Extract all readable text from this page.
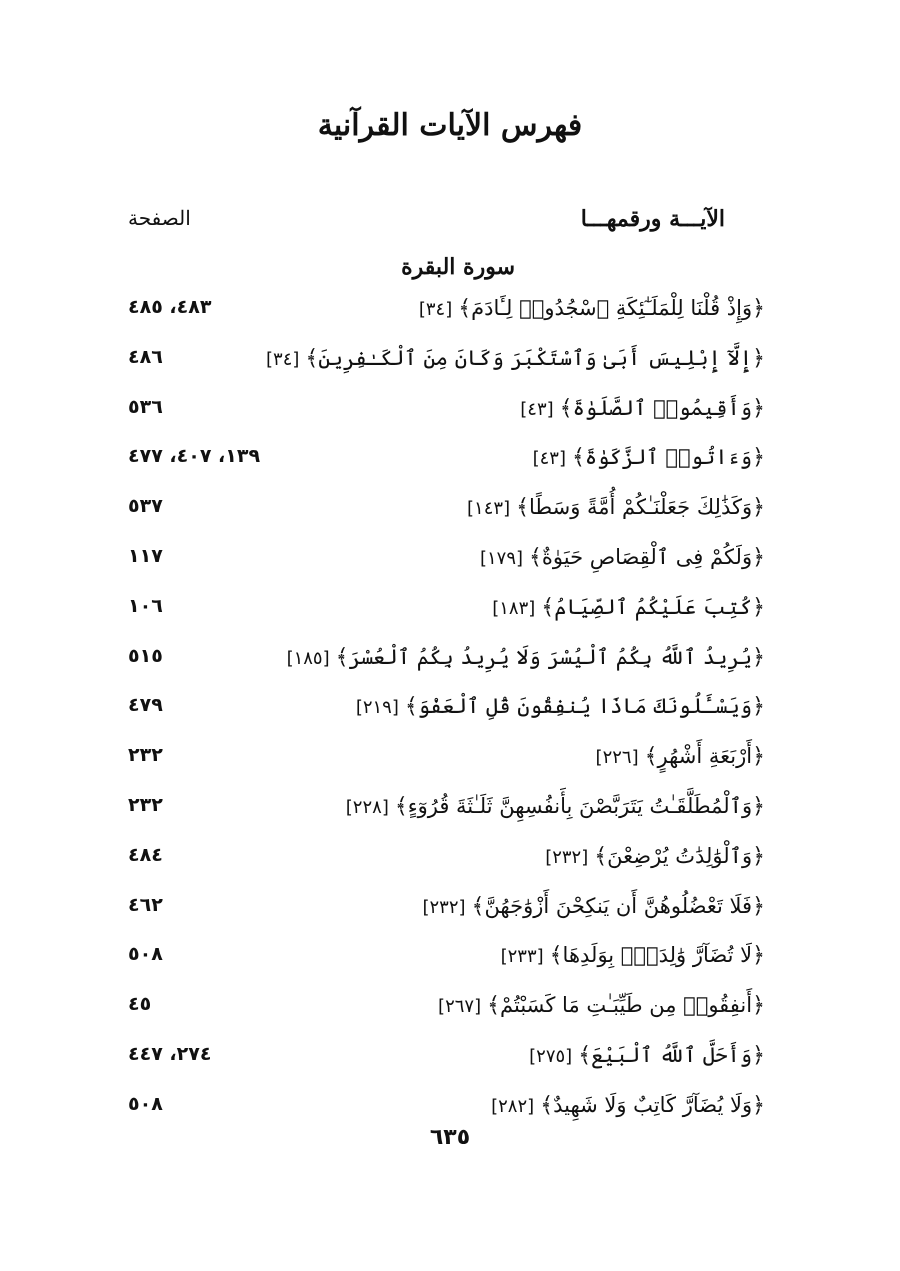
فهرس الآيات القرآنية
الآيـــة ورقمهـــا
الصفحة
سورة البقرة
﴿وَإِذْ قُلْنَا لِلْمَلَـٰٓئِكَةِ ٱسْجُدُوا۟ لِـَٔادَمَ﴾[٣٤]
٤٨٣، ٤٨٥
﴿إِلَّآ إِبْلِيسَ أَبَىٰ وَٱسْتَكْبَرَ وَكَانَ مِنَ ٱلْكَـٰفِرِينَ﴾[٣٤]
٤٨٦
﴿وَأَقِيمُوا۟ ٱلصَّلَوٰةَ﴾[٤٣]
٥٣٦
﴿وَءَاتُوا۟ ٱلزَّكَوٰةَ﴾[٤٣]
١٣٩، ٤٠٧، ٤٧٧
﴿وَكَذَٰلِكَ جَعَلْنَـٰكُمْ أُمَّةً وَسَطًا﴾[١٤٣]
٥٣٧
﴿وَلَكُمْ فِى ٱلْقِصَاصِ حَيَوٰةٌ﴾[١٧٩]
١١٧
﴿كُتِبَ عَلَيْكُمُ ٱلصِّيَامُ﴾[١٨٣]
١٠٦
﴿يُرِيدُ ٱللَّهُ بِكُمُ ٱلْيُسْرَ وَلَا يُرِيدُ بِكُمُ ٱلْعُسْرَ﴾[١٨٥]
٥١٥
﴿وَيَسْـَٔلُونَكَ مَاذَا يُنفِقُونَ قُلِ ٱلْعَفْوَ﴾[٢١٩]
٤٧٩
﴿أَرْبَعَةِ أَشْهُرٍ﴾[٢٢٦]
٢٣٢
﴿وَٱلْمُطَلَّقَـٰتُ يَتَرَبَّصْنَ بِأَنفُسِهِنَّ ثَلَـٰثَةَ قُرُوٓءٍ﴾[٢٢٨]
٢٣٢
﴿وَٱلْوَٰلِدَٰتُ يُرْضِعْنَ﴾[٢٣٢]
٤٨٤
﴿فَلَا تَعْضُلُوهُنَّ أَن يَنكِحْنَ أَزْوَٰجَهُنَّ﴾[٢٣٢]
٤٦٢
﴿لَا تُضَآرَّ وَٰلِدَةٌۢ بِوَلَدِهَا﴾[٢٣٣]
٥٠٨
﴿أَنفِقُوا۟ مِن طَيِّبَـٰتِ مَا كَسَبْتُمْ﴾[٢٦٧]
٤٥
﴿وَأَحَلَّ ٱللَّهُ ٱلْبَيْعَ﴾[٢٧٥]
٢٧٤، ٤٤٧
﴿وَلَا يُضَآرَّ كَاتِبٌ وَلَا شَهِيدٌ﴾[٢٨٢]
٥٠٨
٦٣٥
